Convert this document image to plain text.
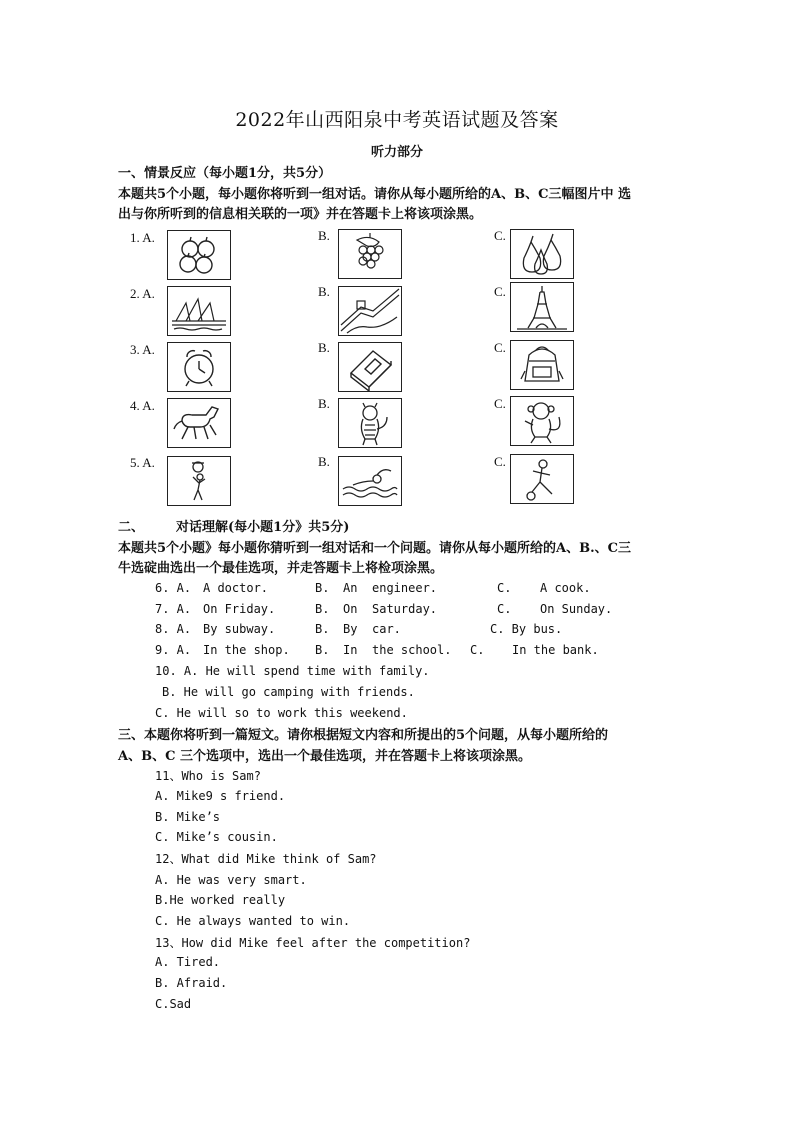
2022年山西阳泉中考英语试题及答案
听力部分
一、情景反应（每小题1分，共5分）
本题共5个小题，每小题你将听到一组对话。请你从每小题所给的A、B、C三幅图片中 选
出与你所听到的信息相关联的一项》并在答题卡上将该项涂黑。
1. A.	B.	C.
2. A.	B.	C.
3. A.	B.	C.
4. A.	B.	C.
5. A.	B.	C.
二、 对话理解(每小题1分》共5分)
本题共5个小题》每小题你猜听到一组对话和一个问题。请你从每小题所给的A、B.、C三
牛选碇曲选出一个最佳选项，并走答题卡上将检项涂黑。
6. A. A doctor.	B. An engineer.	C. A cook.
7. A. On Friday.	B. On Saturday.	C. On Sunday.
8. A. By subway.	B. By car.	C. By bus.
9. A. In the shop. B. In the school. C. In the bank.
10. A. He will spend time with family.
B. He will go camping with friends.
C. He will so to work this weekend.
三、本题你将听到一篇短文。请你根据短文内容和所提出的5个问题，从每小题所给的
A、B、C 三个选项中，选出一个最佳选项，并在答题卡上将该项涂黑。
11、Who is Sam?
A. Mike9 s friend.
B. Mike’s
C. Mike’s cousin.
12、What did Mike think of Sam?
A. He was very smart.
B.He worked really
C. He always wanted to win.
13、How did Mike feel after the competition?
A. Tired.
B. Afraid.
C.Sad
